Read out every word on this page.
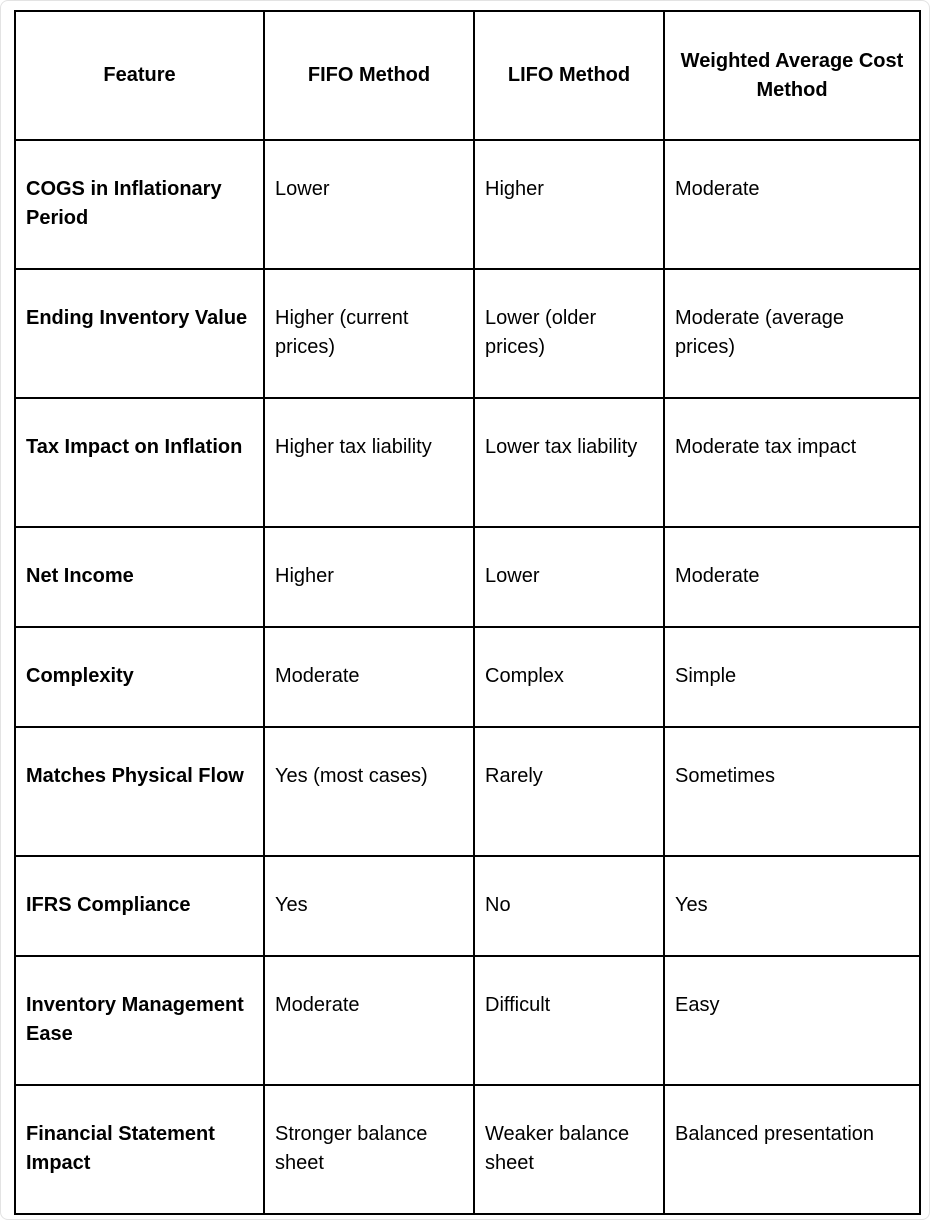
Feature	FIFO Method	LIFO Method	Weighted Average Cost Method
COGS in Inflationary Period	Lower	Higher	Moderate
Ending Inventory Value	Higher (current prices)	Lower (older prices)	Moderate (average prices)
Tax Impact on Inflation	Higher tax liability	Lower tax liability	Moderate tax impact
Net Income	Higher	Lower	Moderate
Complexity	Moderate	Complex	Simple
Matches Physical Flow	Yes (most cases)	Rarely	Sometimes
IFRS Compliance	Yes	No	Yes
Inventory Management Ease	Moderate	Difficult	Easy
Financial Statement Impact	Stronger balance sheet	Weaker balance sheet	Balanced presentation
